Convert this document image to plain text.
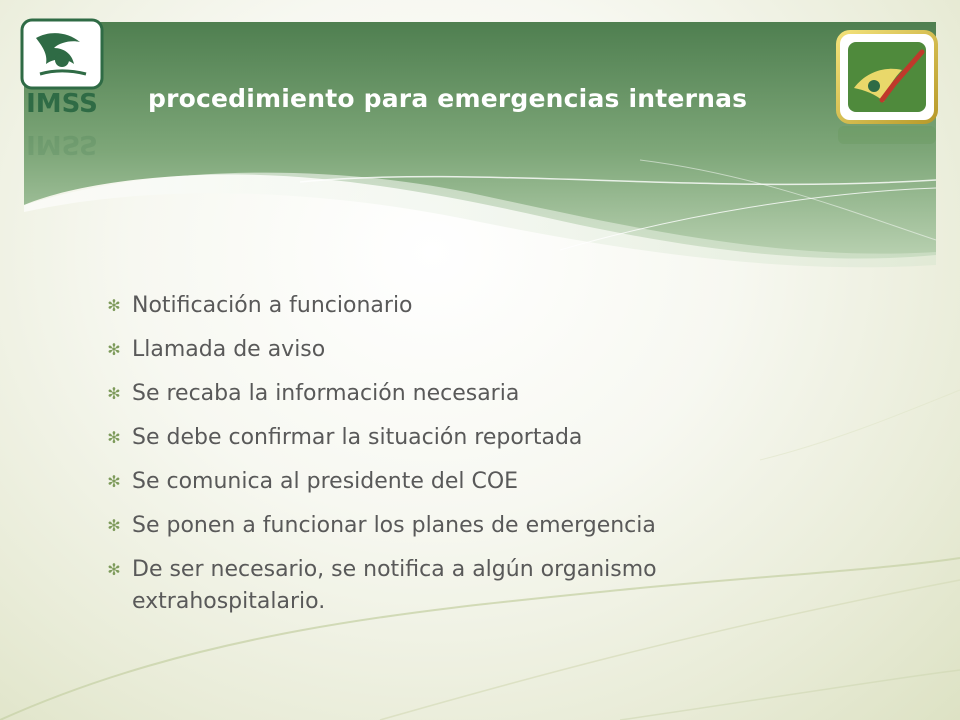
IMSS
IMSS
procedimiento para emergencias internas
✻ Notificación a funcionario
✻ Llamada de aviso
✻ Se recaba la información necesaria
✻ Se debe confirmar la situación reportada
✻ Se comunica al presidente del COE
✻ Se ponen a funcionar los planes de emergencia
✻ De ser necesario, se notifica a algún organismo extrahospitalario.
